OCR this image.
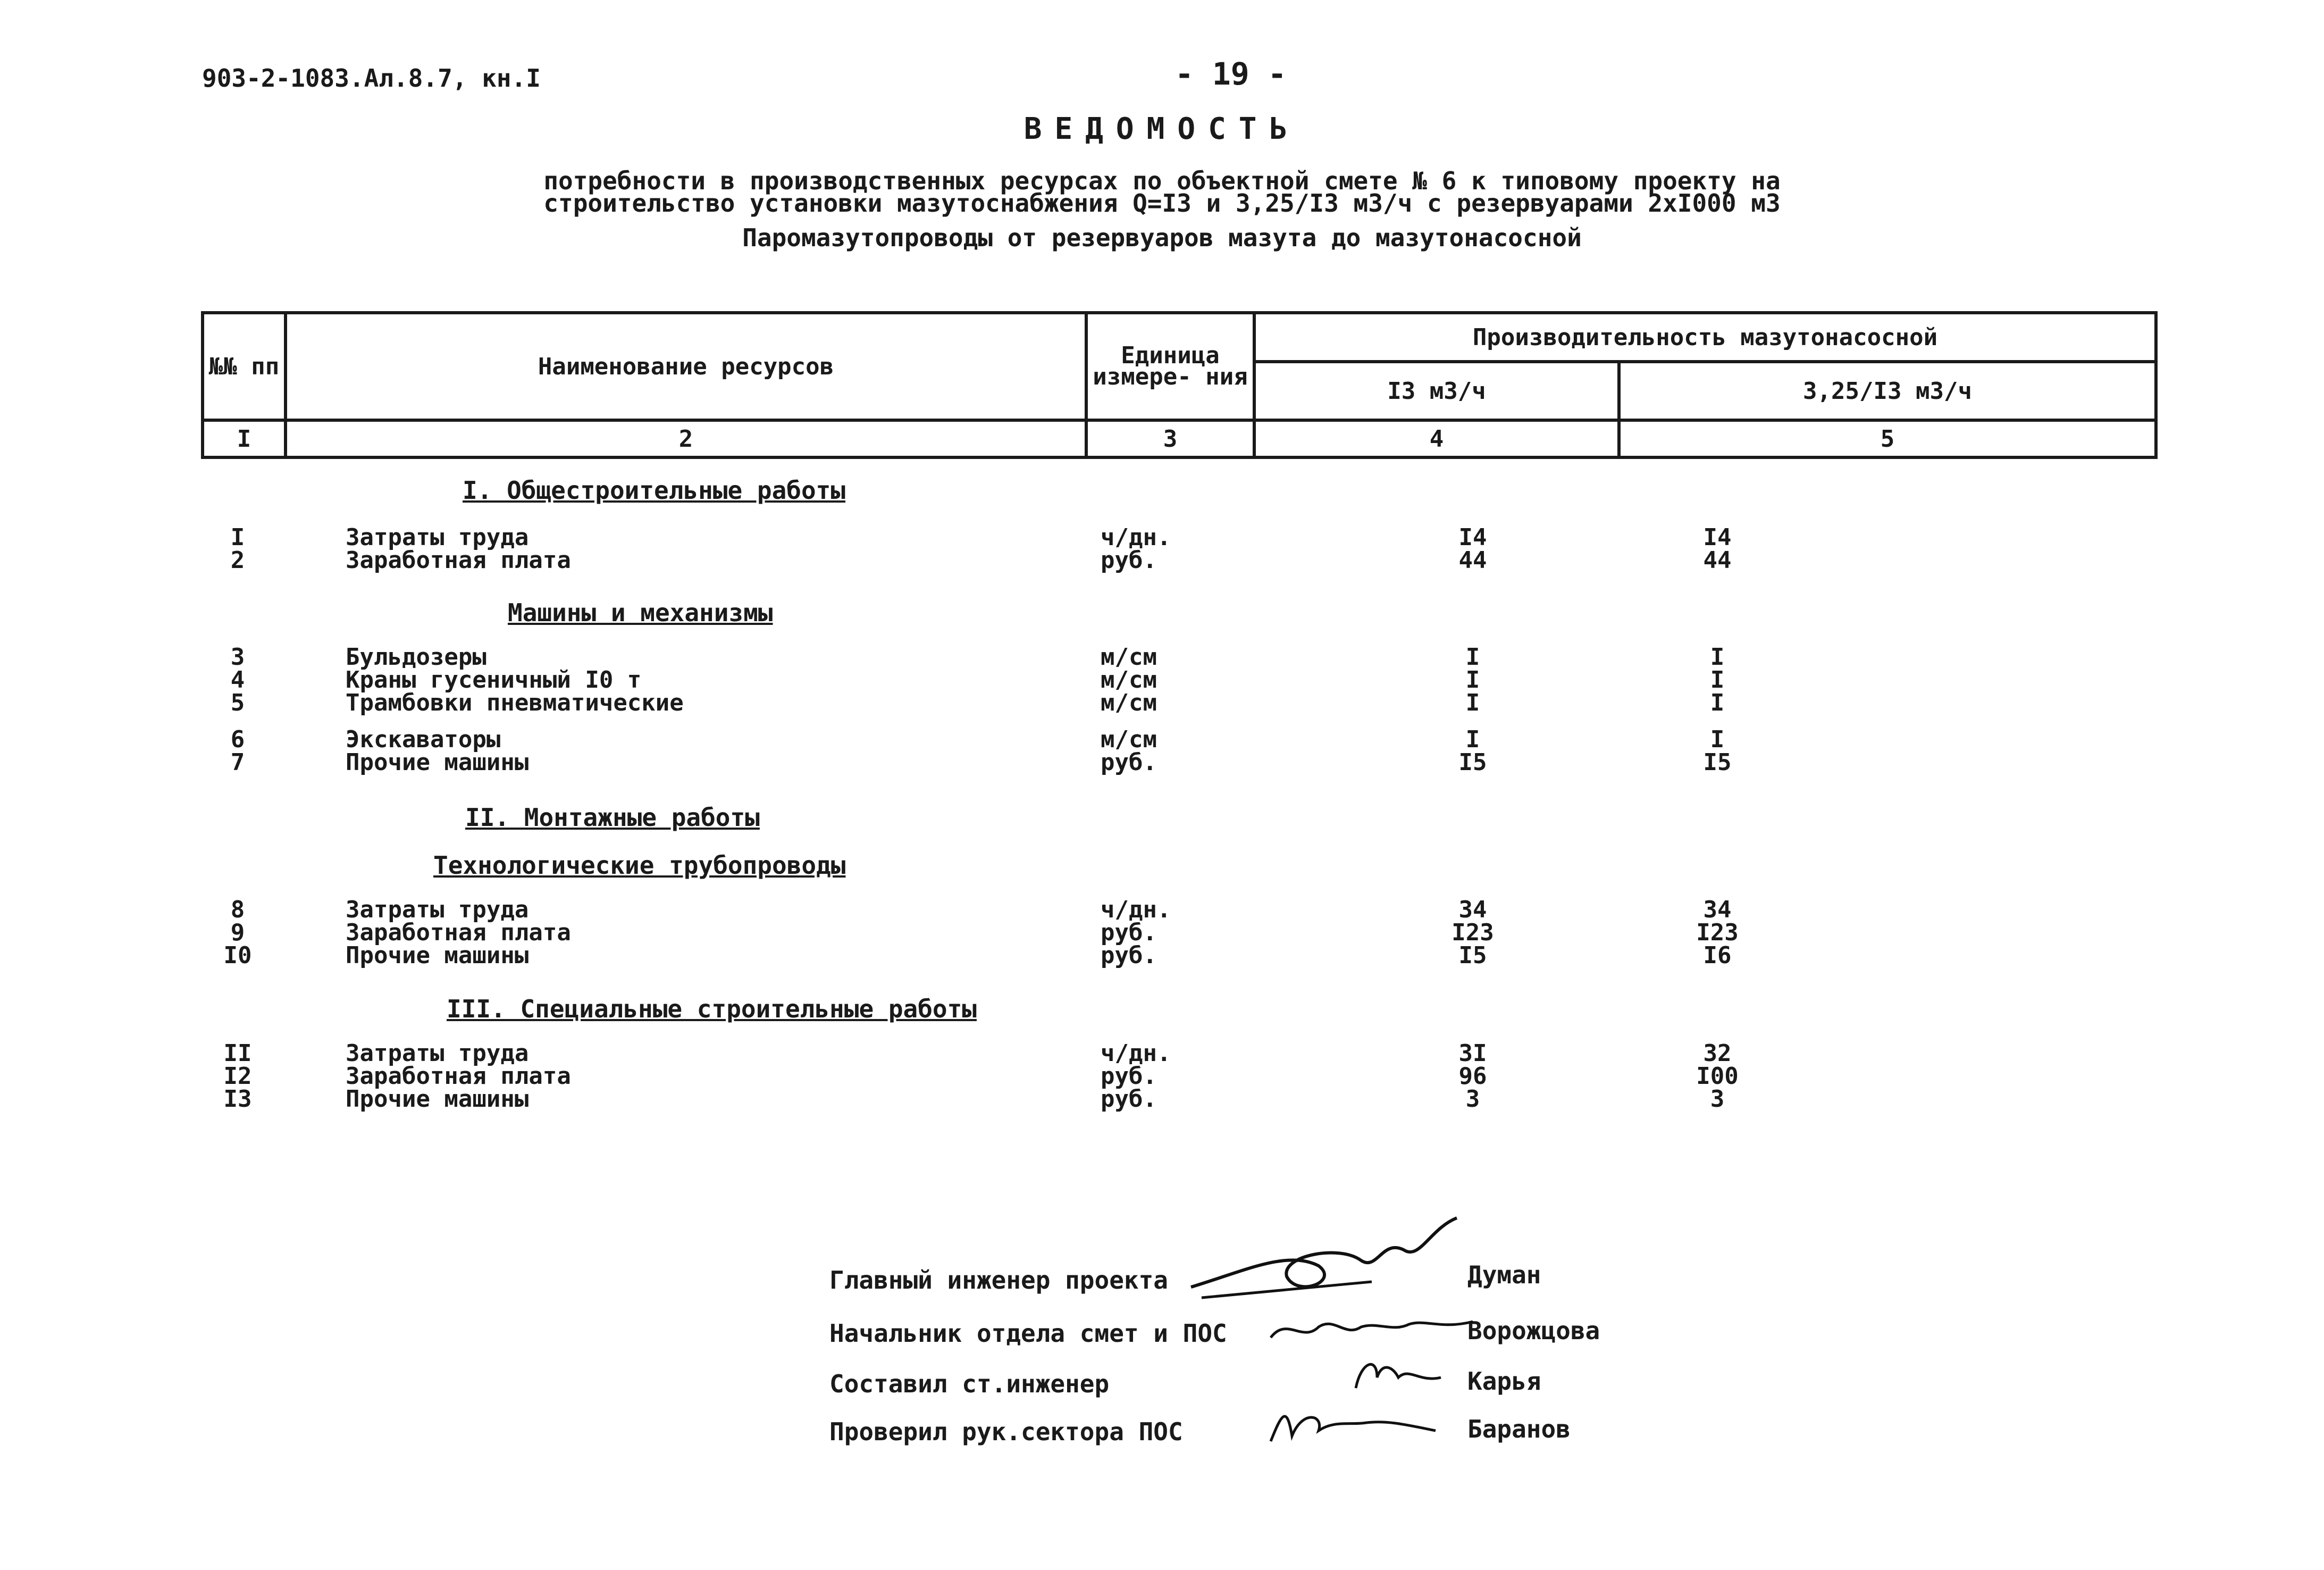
903-2-1083.Ал.8.7, кн.I	- 19 -
ВЕДОМОСТЬ
потребности в производственных ресурсах по объектной смете № 6 к типовому проекту на
строительство установки мазутоснабжения Q=I3 и 3,25/I3 м3/ч с резервуарами 2хI000 м3
Паромазутопроводы от резервуаров мазута до мазутонасосной
№№ пп	Наименование ресурсов	Единица измере- ния	Производительность мазутонасосной	
			I3 м3/ч	3,25/I3 м3/ч
I	2	3	4	5
I. Общестроительные работы
Машины и механизмы
II. Монтажные работы
Технологические трубопроводы
III. Специальные строительные работы
I	Затраты труда	ч/дн.	I4	I4
2	Заработная плата	руб.	44	44
3	Бульдозеры	м/см	I	I
4	Краны гусеничный I0 т	м/см	I	I
5	Трамбовки пневматические	м/см	I	I
6	Экскаваторы	м/см	I	I
7	Прочие машины	руб.	I5	I5
8	Затраты труда	ч/дн.	34	34
9	Заработная плата	руб.	I23	I23
I0	Прочие машины	руб.	I5	I6
II	Затраты труда	ч/дн.	3I	32
I2	Заработная плата	руб.	96	I00
I3	Прочие машины	руб.	3	3
Главный инженер проекта	Думан
Начальник отдела смет и ПОС	Ворожцова
Составил ст.инженер	Карья
Проверил рук.сектора ПОС	Баранов
